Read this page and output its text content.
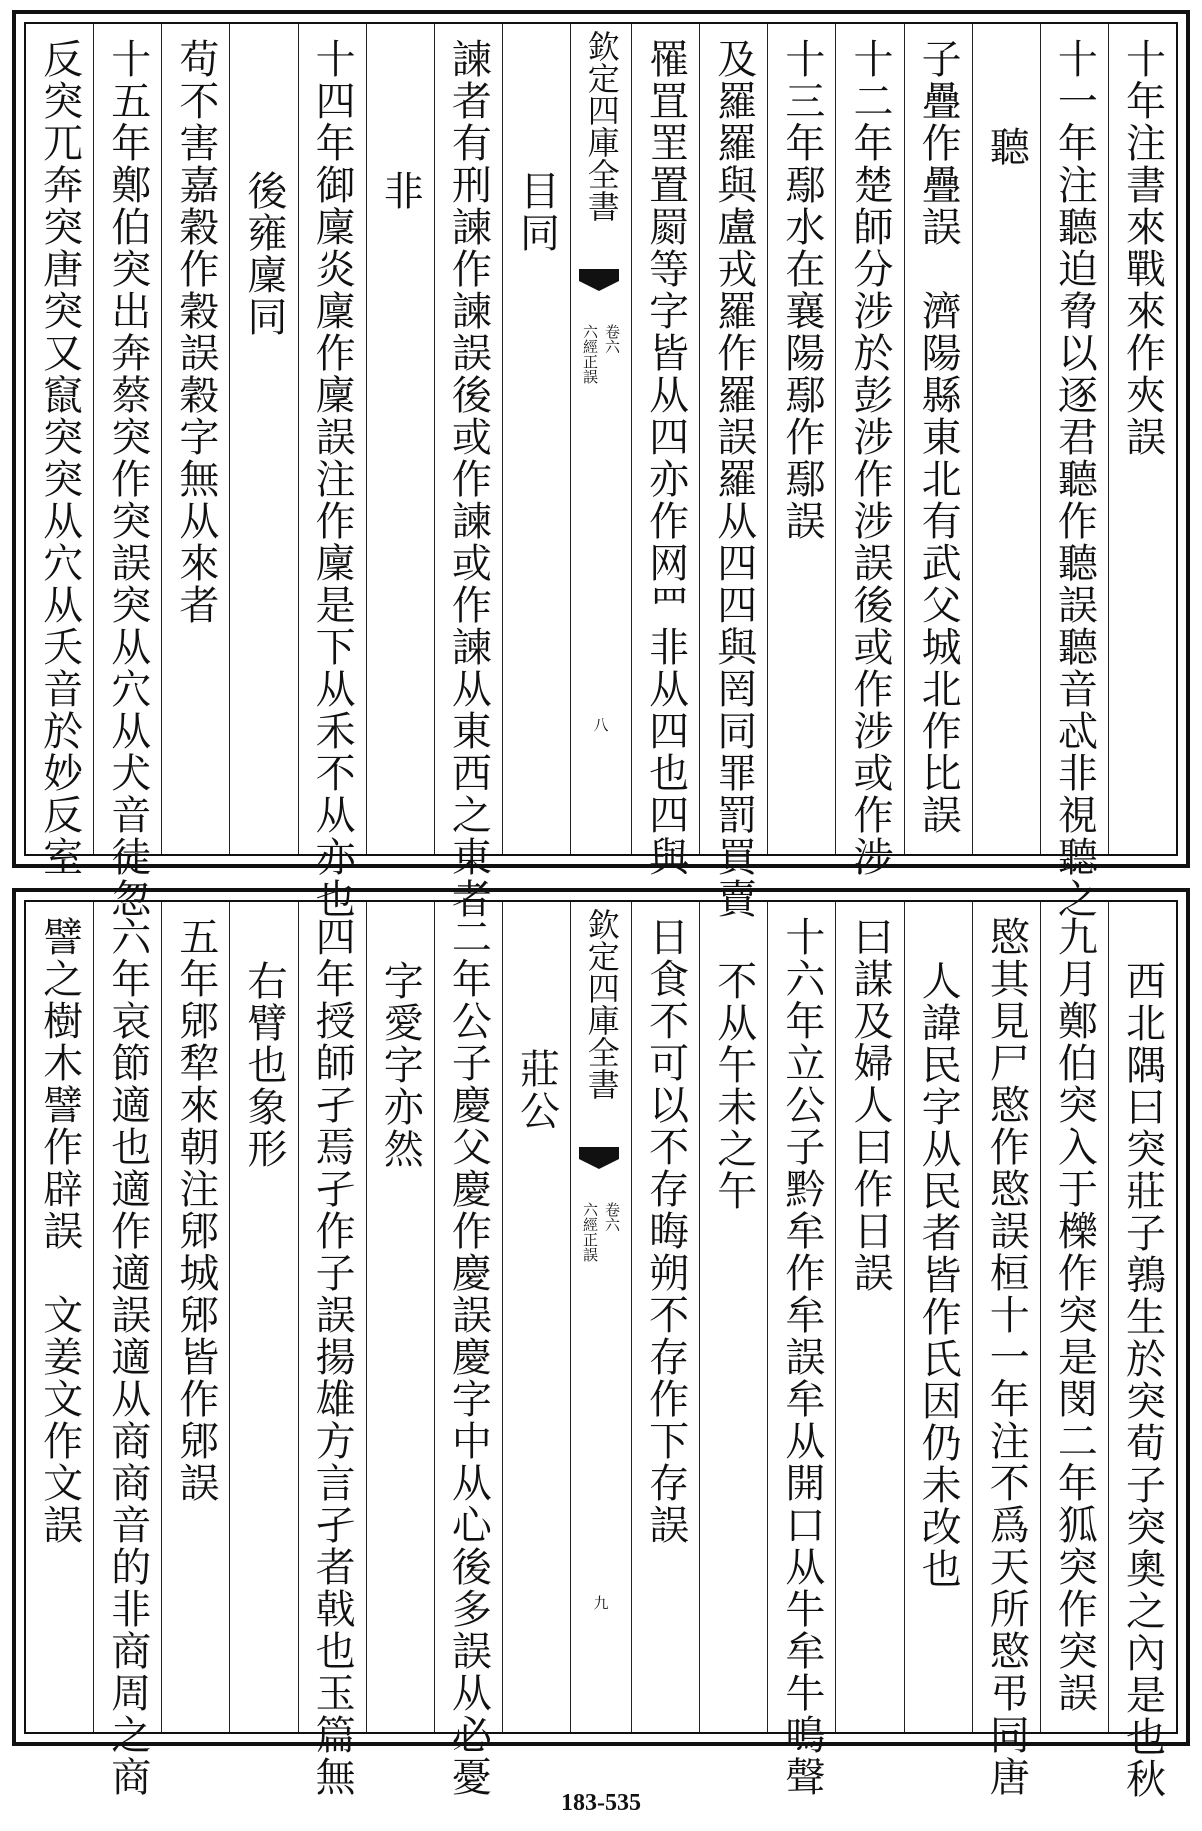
十年注書來戰來作夾誤
十一年注聽迫脅以逐君聽作聽誤聽音忒非視聽之
聽
子疊作疊誤　濟陽縣東北有武父城北作比誤
十二年楚師分涉於彭涉作涉誤後或作涉或作涉
十三年鄢水在襄陽鄢作鄢誤
及羅羅與盧戎羅作羅誤羅从四四與罔同罪罰買賣
罹罝罜置罽等字皆从四亦作网罒非从四也四與
欽定四庫全書
六經正誤 卷六
八
目同
諫者有刑諫作諫誤後或作諫或作諫从東西之東者
非
十四年御廩炎廩作廩誤注作廩是下从禾不从亦也
後雍廩同
苟不害嘉穀作穀誤穀字無从來者
十五年鄭伯突出奔蔡突作突誤突从穴从犬音徒忽
反突兀奔突唐突又竄突突从穴从夭音於妙反室
西北隅曰突莊子鶉生於突荀子突奧之內是也秋
九月鄭伯突入于櫟作突是閔二年狐突作突誤
愍其見尸愍作愍誤桓十一年注不爲天所愍弔同唐
人諱民字从民者皆作氏因仍未改也
曰謀及婦人曰作日誤
十六年立公子黔牟作牟誤牟从開口从牛牟牛鳴聲
不从午未之午
日食不可以不存晦朔不存作下存誤
欽定四庫全書
六經正誤 卷六
九
莊公
二年公子慶父慶作慶誤慶字中从心後多誤从必憂
字愛字亦然
四年授師孑焉孑作子誤揚雄方言孑者戟也玉篇無
右臂也象形
五年郳犂來朝注郳城郳皆作郳誤
六年哀節適也適作適誤適从商商音的非商周之商
譬之樹木譬作辟誤　文姜文作文誤
183-535
